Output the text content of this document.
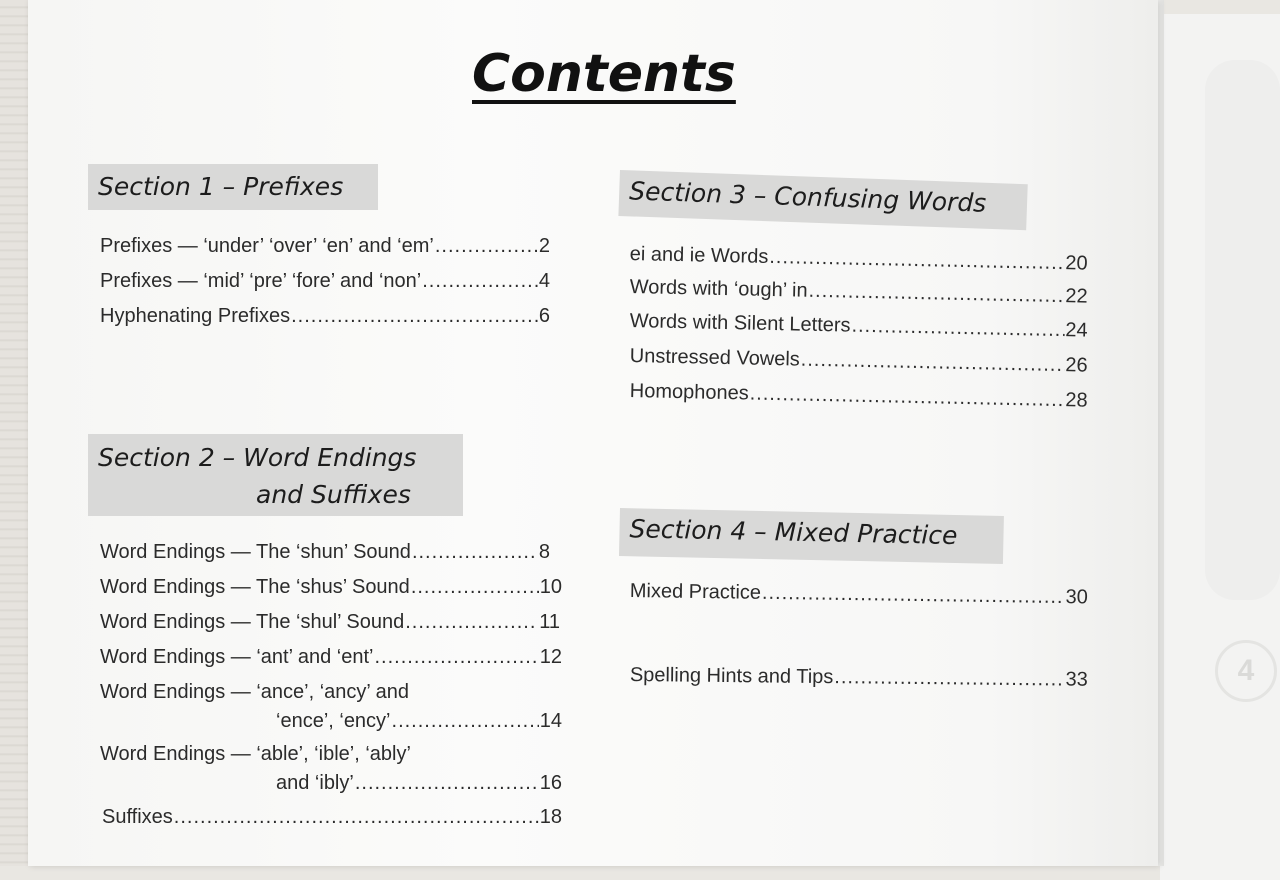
4
Contents
Section 1 – Prefixes
Prefixes — ‘under’ ‘over’ ‘en’ and ‘em’ .....	2
Prefixes — ‘mid’ ‘pre’ ‘fore’ and ‘non’ .....	4
Hyphenating Prefixes .....	6
Section 2 – Word Endings
and Suffixes
Word Endings — The ‘shun’ Sound .....	8
Word Endings — The ‘shus’ Sound .....	10
Word Endings — The ‘shul’ Sound .....	11
Word Endings — ‘ant’ and ‘ent’ .....	12
Word Endings — ‘ance’, ‘ancy’ and
‘ence’, ‘ency’ .....	14
Word Endings — ‘able’, ‘ible’, ‘ably’
and ‘ibly’ .....	16
Suffixes .....	18
Section 3 – Confusing Words
ei and ie Words .....	20
Words with ‘ough’ in .....	22
Words with Silent Letters .....	24
Unstressed Vowels .....	26
Homophones .....	28
Section 4 – Mixed Practice
Mixed Practice .....	30
Spelling Hints and Tips .....	33
